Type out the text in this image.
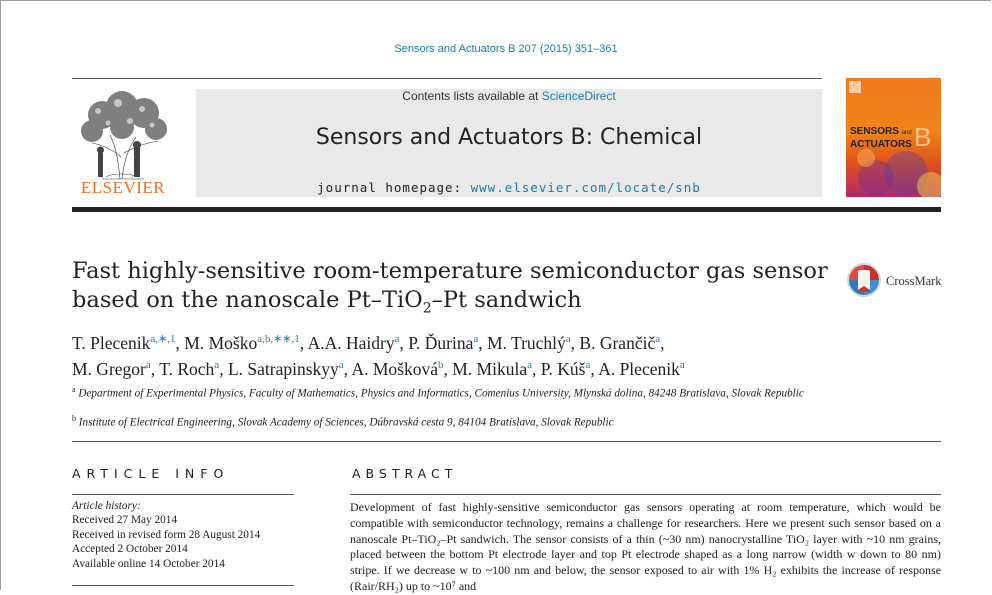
Sensors and Actuators B 207 (2015) 351–361
ELSEVIER
Contents lists available at ScienceDirect
Sensors and Actuators B: Chemical
journal homepage: www.elsevier.com/locate/snb
SENSORS and
ACTUATORS B
Fast highly-sensitive room-temperature semiconductor gas sensor
based on the nanoscale Pt–TiO$_2$–Pt sandwich
CrossMark
T. Plecenik$^{a,∗,1}$, M. Moško$^{a,b,∗∗,1}$, A.A. Haidry$^a$, P. Ďurina$^a$, M. Truchlý$^a$, B. Grančič$^a$,
M. Gregor$^a$, T. Roch$^a$, L. Satrapinskyy$^a$, A. Mošková$^b$, M. Mikula$^a$, P. Kúš$^a$, A. Plecenik$^a$
$^a$ Department of Experimental Physics, Faculty of Mathematics, Physics and Informatics, Comenius University, Mlynská dolina, 84248 Bratislava, Slovak Republic
$^b$ Institute of Electrical Engineering, Slovak Academy of Sciences, Dúbravská cesta 9, 84104 Bratislava, Slovak Republic
ARTICLE INFO	ABSTRACT
Article history:
Received 27 May 2014
Received in revised form 28 August 2014
Accepted 2 October 2014
Available online 14 October 2014
Development of fast highly-sensitive semiconductor gas sensors operating at room temperature, which would be compatible with semiconductor technology, remains a challenge for researchers. Here we present such sensor based on a nanoscale Pt–TiO₂–Pt sandwich. The sensor consists of a thin (~30 nm) nanocrystalline TiO₂ layer with ~10 nm grains, placed between the bottom Pt electrode layer and top Pt electrode shaped as a long narrow (width w down to 80 nm) stripe. If we decrease w to ~100 nm and below, the sensor exposed to air with 1% H₂ exhibits the increase of response (Rair/RH₂) up to ~10⁷ and
